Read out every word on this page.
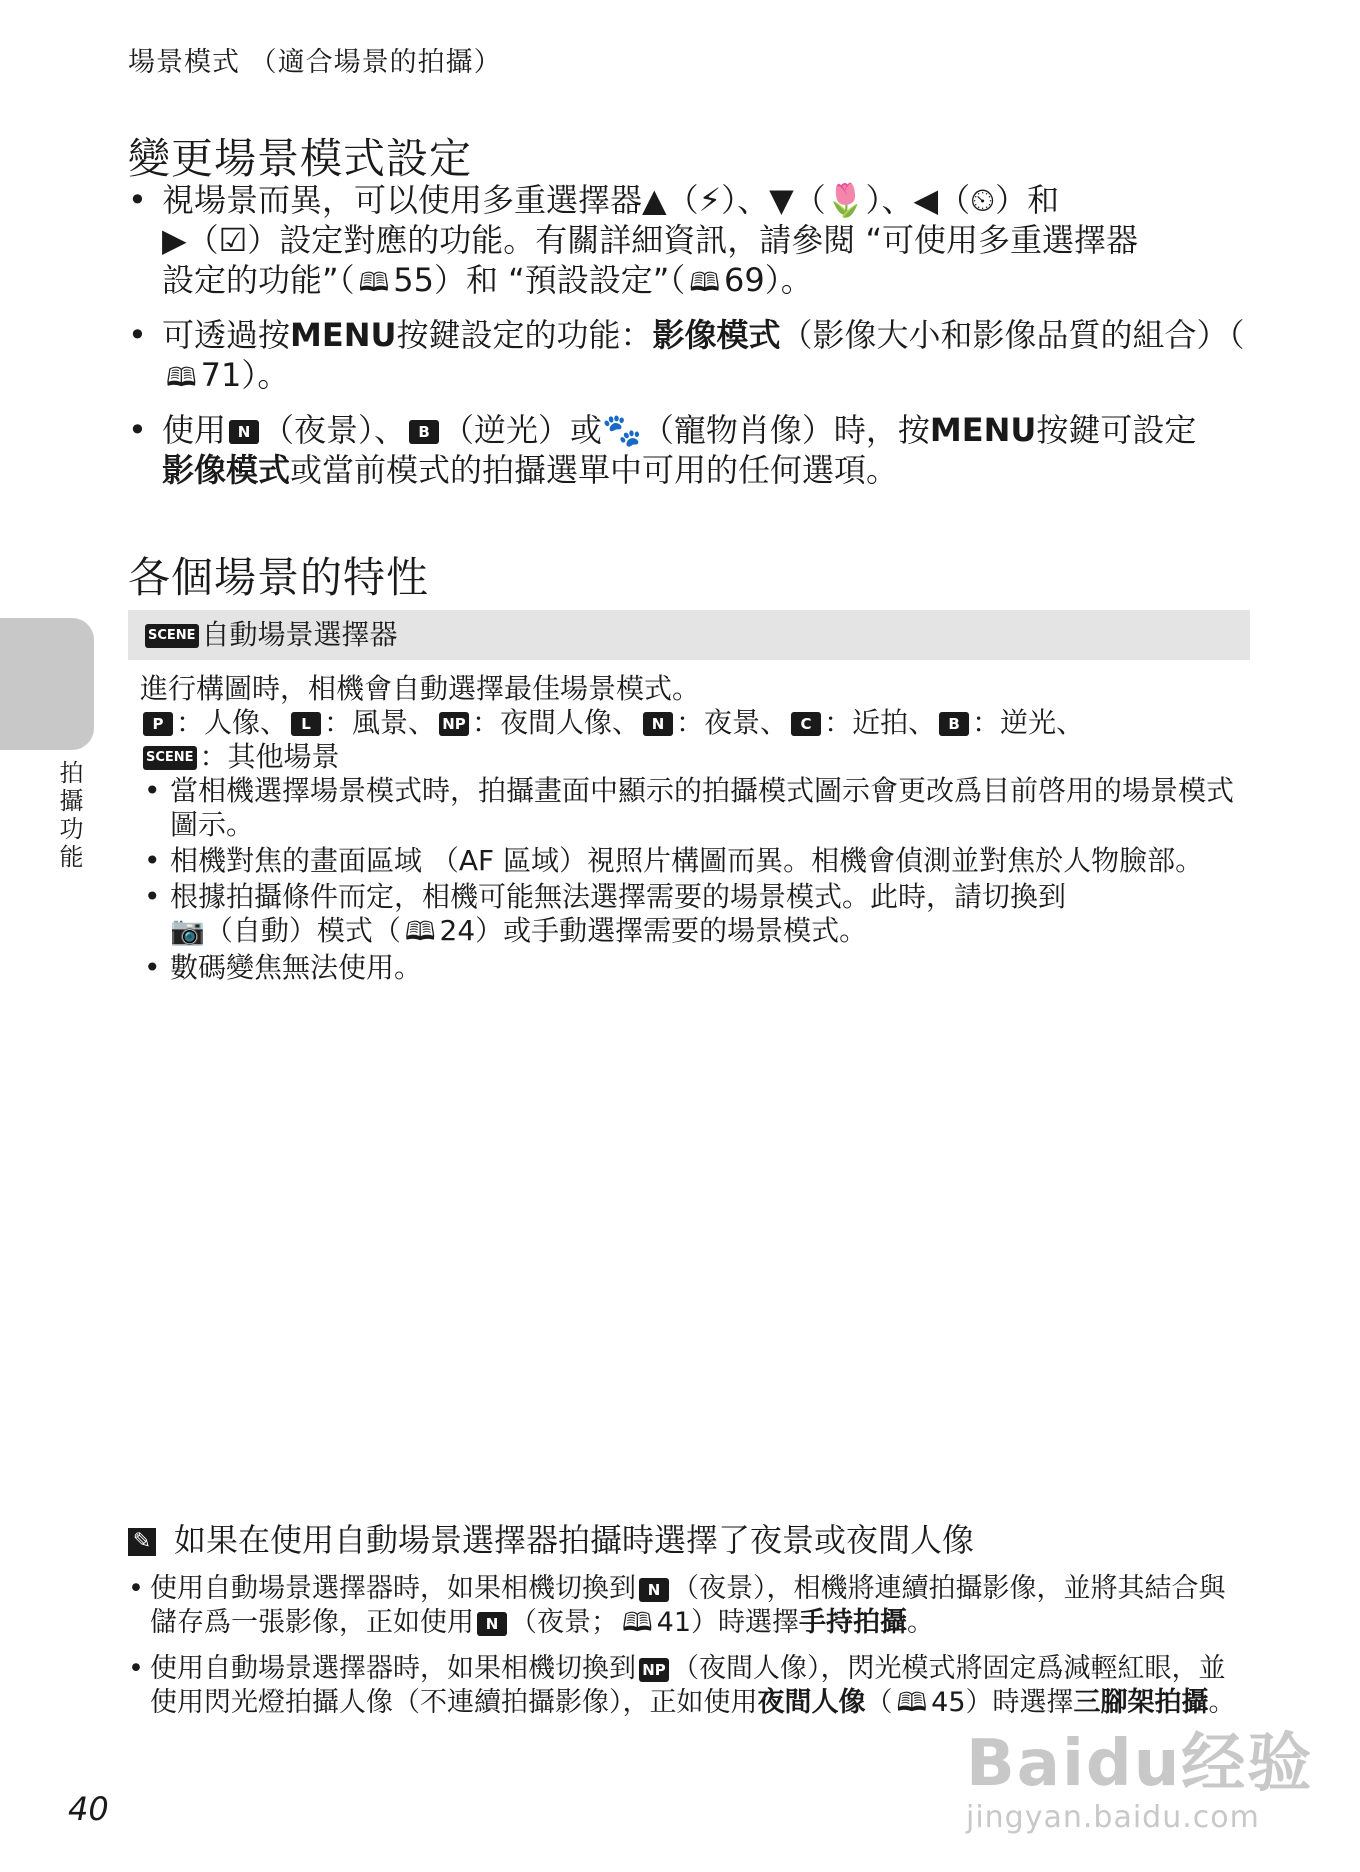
場景模式 （適合場景的拍攝）
變更場景模式設定
• 視場景而異，可以使用多重選擇器▲（⚡）、▼（🌷）、◀（⏲）和
▶（☑）設定對應的功能。有關詳細資訊，請參閱 “可使用多重選擇器
設定的功能”（ 🕮 55）和 “預設設定”（ 🕮 69）。
• 可透過按MENU按鍵設定的功能：影像模式（影像大小和影像品質的組合）（🕮 71）。
• 使用 N （夜景）、 B （逆光）或🐾（寵物肖像）時，按MENU按鍵可設定
影像模式或當前模式的拍攝選單中可用的任何選項。
各個場景的特性
SCENE 自動場景選擇器
進行構圖時，相機會自動選擇最佳場景模式。
P ：人像、 L ：風景、 NP ：夜間人像、 N ：夜景、 C ：近拍、 B ：逆光、
SCENE ：其他場景
• 當相機選擇場景模式時，拍攝畫面中顯示的拍攝模式圖示會更改爲目前啓用的場景模式圖示。
• 相機對焦的畫面區域 （AF 區域）視照片構圖而異。相機會偵測並對焦於人物臉部。
• 根據拍攝條件而定，相機可能無法選擇需要的場景模式。此時，請切換到
📷（自動）模式（ 🕮 24）或手動選擇需要的場景模式。
• 數碼變焦無法使用。
拍攝功能
✎ 如果在使用自動場景選擇器拍攝時選擇了夜景或夜間人像
• 使用自動場景選擇器時，如果相機切換到 N （夜景），相機將連續拍攝影像，並將其結合與儲存爲一張影像，正如使用 N （夜景； 🕮 41）時選擇手持拍攝。
• 使用自動場景選擇器時，如果相機切換到 NP （夜間人像），閃光模式將固定爲減輕紅眼，並使用閃光燈拍攝人像（不連續拍攝影像），正如使用夜間人像（ 🕮 45）時選擇三腳架拍攝。
40
Baidu经验
jingyan.baidu.com
